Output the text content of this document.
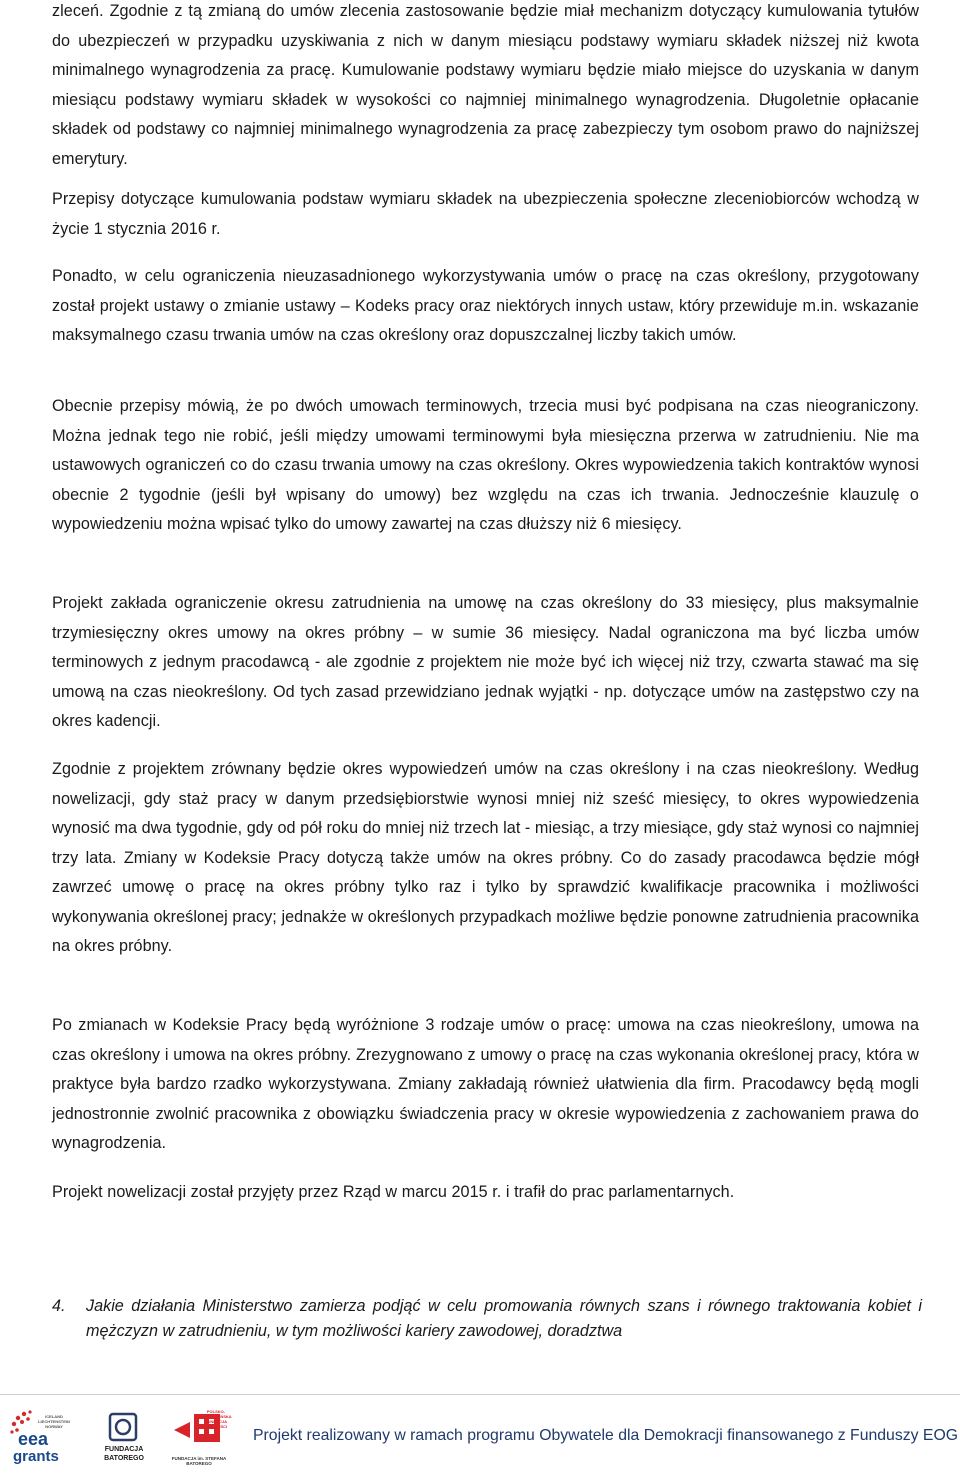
zleceń. Zgodnie z tą zmianą do umów zlecenia zastosowanie będzie miał mechanizm dotyczący kumulowania tytułów do ubezpieczeń w przypadku uzyskiwania z nich w danym miesiącu podstawy wymiaru składek niższej niż kwota minimalnego wynagrodzenia za pracę. Kumulowanie podstawy wymiaru będzie miało miejsce do uzyskania w danym miesiącu podstawy wymiaru składek w wysokości co najmniej minimalnego wynagrodzenia. Długoletnie opłacanie składek od podstawy co najmniej minimalnego wynagrodzenia za pracę zabezpieczy tym osobom prawo do najniższej emerytury.

Przepisy dotyczące kumulowania podstaw wymiaru składek na ubezpieczenia społeczne zleceniobiorców wchodzą w życie 1 stycznia 2016 r.

Ponadto, w celu ograniczenia nieuzasadnionego wykorzystywania umów o pracę na czas określony, przygotowany został projekt ustawy o zmianie ustawy – Kodeks pracy oraz niektórych innych ustaw, który przewiduje m.in. wskazanie maksymalnego czasu trwania umów na czas określony oraz dopuszczalnej liczby takich umów.

Obecnie przepisy mówią, że po dwóch umowach terminowych, trzecia musi być podpisana na czas nieograniczony. Można jednak tego nie robić, jeśli między umowami terminowymi była miesięczna przerwa w zatrudnieniu. Nie ma ustawowych ograniczeń co do czasu trwania umowy na czas określony. Okres wypowiedzenia takich kontraktów wynosi obecnie 2 tygodnie (jeśli był wpisany do umowy) bez względu na czas ich trwania. Jednocześnie klauzulę o wypowiedzeniu można wpisać tylko do umowy zawartej na czas dłuższy niż 6 miesięcy.

Projekt zakłada ograniczenie okresu zatrudnienia na umowę na czas określony do 33 miesięcy, plus maksymalnie trzymiesięczny okres umowy na okres próbny – w sumie 36 miesięcy. Nadal ograniczona ma być liczba umów terminowych z jednym pracodawcą - ale zgodnie z projektem nie może być ich więcej niż trzy, czwarta stawać ma się umową na czas nieokreślony. Od tych zasad przewidziano jednak wyjątki - np. dotyczące umów na zastępstwo czy na okres kadencji.

Zgodnie z projektem zrównany będzie okres wypowiedzeń umów na czas określony i na czas nieokreślony. Według nowelizacji, gdy staż pracy w danym przedsiębiorstwie wynosi mniej niż sześć miesięcy, to okres wypowiedzenia wynosić ma dwa tygodnie, gdy od pół roku do mniej niż trzech lat - miesiąc, a trzy miesiące, gdy staż wynosi co najmniej trzy lata. Zmiany w Kodeksie Pracy dotyczą także umów na okres próbny. Co do zasady pracodawca będzie mógł zawrzeć umowę o pracę na okres próbny tylko raz i tylko by sprawdzić kwalifikacje pracownika i możliwości wykonywania określonej pracy; jednakże w określonych przypadkach możliwe będzie ponowne zatrudnienia pracownika na okres próbny.

Po zmianach w Kodeksie Pracy będą wyróżnione 3 rodzaje umów o pracę: umowa na czas nieokreślony, umowa na czas określony i umowa na okres próbny. Zrezygnowano z umowy o pracę na czas wykonania określonej pracy, która w praktyce była bardzo rzadko wykorzystywana. Zmiany zakładają również ułatwienia dla firm. Pracodawcy będą mogli jednostronnie zwolnić pracownika z obowiązku świadczenia pracy w okresie wypowiedzenia z zachowaniem prawa do wynagrodzenia.

Projekt nowelizacji został przyjęty przez Rząd w marcu 2015 r. i trafił do prac parlamentarnych.

4.	Jakie działania Ministerstwo zamierza podjąć w celu promowania równych szans i równego traktowania kobiet i mężczyzn w zatrudnieniu, w tym możliwości kariery zawodowej, doradztwa
eea
grants
ICELAND LIECHTENSTEIN NORWAY
FUNDACJA
BATOREGO
POLSKO-AMERYKAŃSKA FUNDACJA WOLNOŚCI
FUNDACJA im. STEFANA BATOREGO
Projekt realizowany w ramach programu Obywatele dla Demokracji finansowanego z Funduszy EOG
